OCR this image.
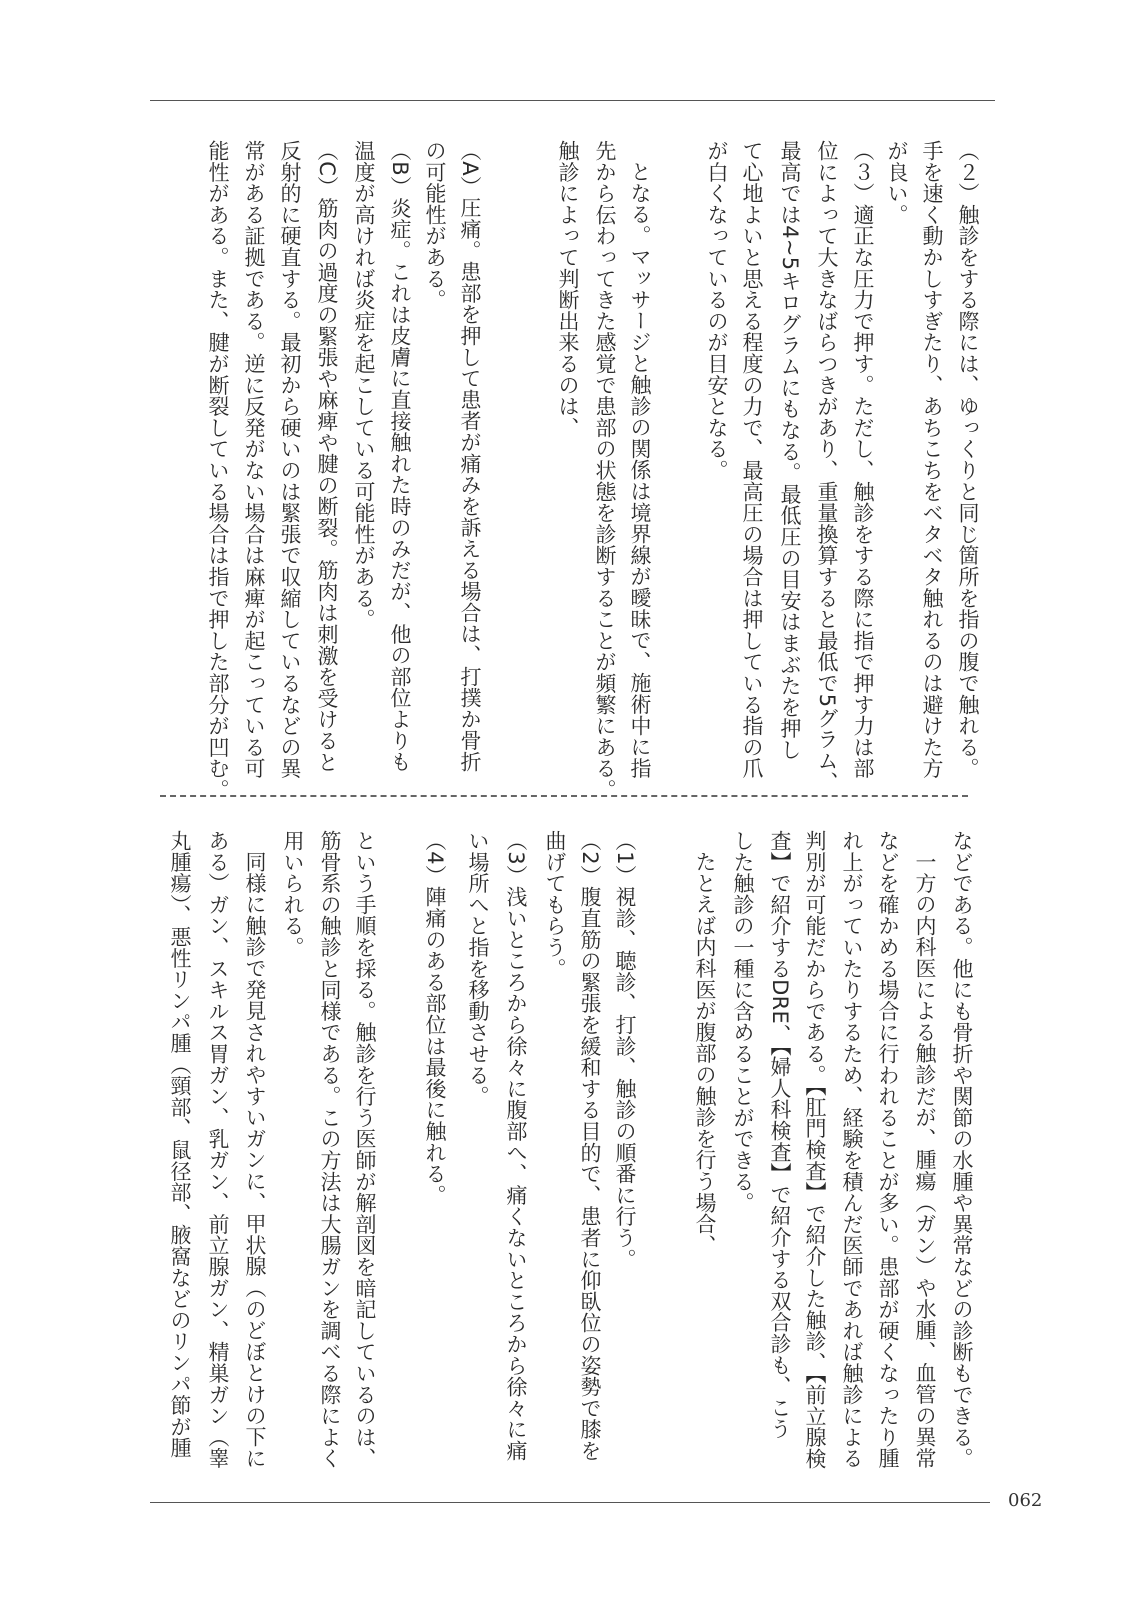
（２）触診をする際には、ゆっくりと同じ箇所を指の腹で触れる。
手を速く動かしすぎたり、あちこちをベタベタ触れるのは避けた方
が良い。
（３）適正な圧力で押す。ただし、触診をする際に指で押す力は部
位によって大きなばらつきがあり、重量換算すると最低で5グラム、
最高では4~5キログラムにもなる。最低圧の目安はまぶたを押し
て心地よいと思える程度の力で、最高圧の場合は押している指の爪
が白くなっているのが目安となる。
となる。マッサージと触診の関係は境界線が曖昧で、施術中に指
先から伝わってきた感覚で患部の状態を診断することが頻繁にある。
触診によって判断出来るのは、
（A）圧痛。患部を押して患者が痛みを訴える場合は、打撲か骨折
の可能性がある。
（B）炎症。これは皮膚に直接触れた時のみだが、他の部位よりも
温度が高ければ炎症を起こしている可能性がある。
（C）筋肉の過度の緊張や麻痺や腱の断裂。筋肉は刺激を受けると
反射的に硬直する。最初から硬いのは緊張で収縮しているなどの異
常がある証拠である。逆に反発がない場合は麻痺が起こっている可
能性がある。また、腱が断裂している場合は指で押した部分が凹む。
などである。他にも骨折や関節の水腫や異常などの診断もできる。
一方の内科医による触診だが、腫瘍（ガン）や水腫、血管の異常
などを確かめる場合に行われることが多い。患部が硬くなったり腫
れ上がっていたりするため、経験を積んだ医師であれば触診による
判別が可能だからである。【肛門検査】で紹介した触診、【前立腺検
査】で紹介するDRE、【婦人科検査】で紹介する双合診も、こう
した触診の一種に含めることができる。
たとえば内科医が腹部の触診を行う場合、
（1）視診、聴診、打診、触診の順番に行う。
（2）腹直筋の緊張を緩和する目的で、患者に仰臥位の姿勢で膝を
曲げてもらう。
（3）浅いところから徐々に腹部へ、痛くないところから徐々に痛
い場所へと指を移動させる。
（4）陣痛のある部位は最後に触れる。
という手順を採る。触診を行う医師が解剖図を暗記しているのは、
筋骨系の触診と同様である。この方法は大腸ガンを調べる際によく
用いられる。
同様に触診で発見されやすいガンに、甲状腺（のどぼとけの下に
ある）ガン、スキルス胃ガン、乳ガン、前立腺ガン、精巣ガン（睾
丸腫瘍）、悪性リンパ腫（頸部、鼠径部、腋窩などのリンパ節が腫
062
